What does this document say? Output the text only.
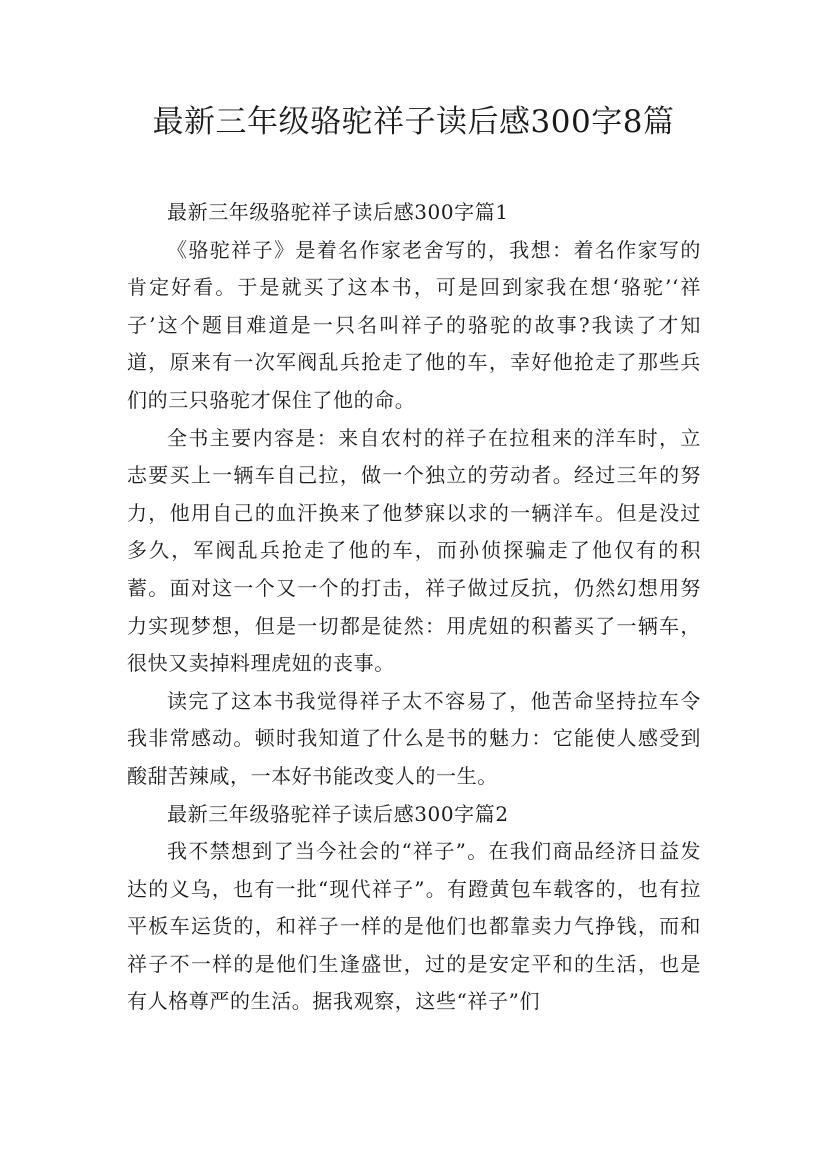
最新三年级骆驼祥子读后感300字8篇

最新三年级骆驼祥子读后感300字篇1

《骆驼祥子》是着名作家老舍写的，我想：着名作家写的肯定好看。于是就买了这本书，可是回到家我在想‘骆驼’‘祥子’这个题目难道是一只名叫祥子的骆驼的故事?我读了才知道，原来有一次军阀乱兵抢走了他的车，幸好他抢走了那些兵们的三只骆驼才保住了他的命。

全书主要内容是：来自农村的祥子在拉租来的洋车时，立志要买上一辆车自己拉，做一个独立的劳动者。经过三年的努力，他用自己的血汗换来了他梦寐以求的一辆洋车。但是没过多久，军阀乱兵抢走了他的车，而孙侦探骗走了他仅有的积蓄。面对这一个又一个的打击，祥子做过反抗，仍然幻想用努力实现梦想，但是一切都是徒然：用虎妞的积蓄买了一辆车，很快又卖掉料理虎妞的丧事。

读完了这本书我觉得祥子太不容易了，他苦命坚持拉车令我非常感动。顿时我知道了什么是书的魅力：它能使人感受到酸甜苦辣咸，一本好书能改变人的一生。

最新三年级骆驼祥子读后感300字篇2

我不禁想到了当今社会的“祥子”。在我们商品经济日益发达的义乌，也有一批“现代祥子”。有蹬黄包车载客的，也有拉平板车运货的，和祥子一样的是他们也都靠卖力气挣钱，而和祥子不一样的是他们生逢盛世，过的是安定平和的生活，也是有人格尊严的生活。据我观察，这些“祥子”们
